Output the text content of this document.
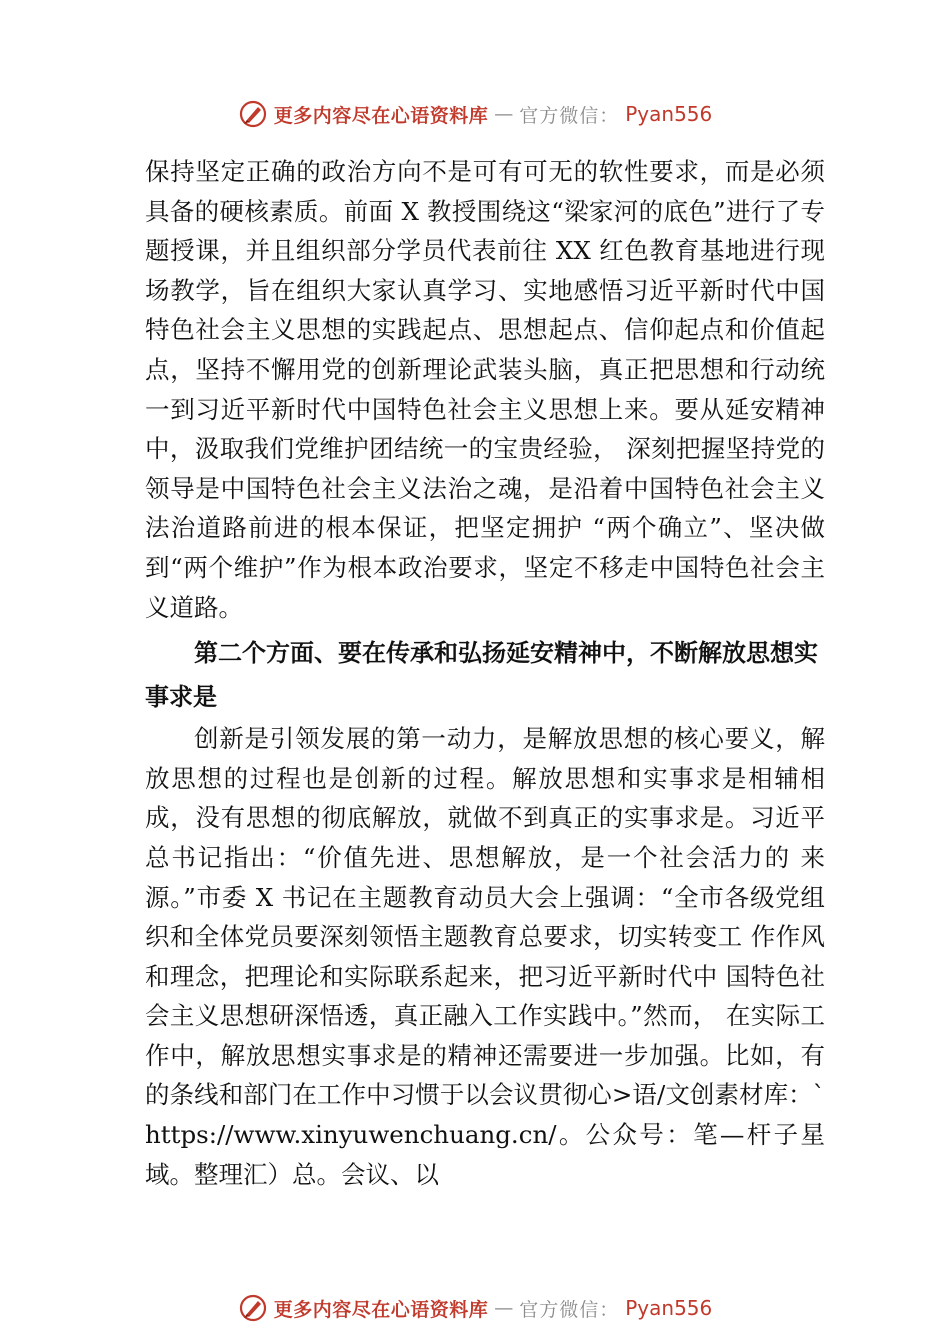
更多内容尽在心语资料库 — 官方微信： Pyan556

保持坚定正确的政治方向不是可有可无的软性要求，而是必须具备的硬核素质。前面 X 教授围绕这“梁家河的底色”进行了专题授课，并且组织部分学员代表前往 XX 红色教育基地进行现场教学，旨在组织大家认真学习、实地感悟习近平新时代中国特色社会主义思想的实践起点、思想起点、信仰起点和价值起点，坚持不懈用党的创新理论武装头脑，真正把思想和行动统一到习近平新时代中国特色社会主义思想上来。要从延安精神中，汲取我们党维护团结统一的宝贵经验， 深刻把握坚持党的领导是中国特色社会主义法治之魂，是沿着中国特色社会主义法治道路前进的根本保证，把坚定拥护 “两个确立”、坚决做到“两个维护”作为根本政治要求，坚定不移走中国特色社会主义道路。

第二个方面、要在传承和弘扬延安精神中，不断解放思想实事求是

创新是引领发展的第一动力，是解放思想的核心要义，解放思想的过程也是创新的过程。解放思想和实事求是相辅相成，没有思想的彻底解放，就做不到真正的实事求是。习近平总书记指出：“价值先进、思想解放，是一个社会活力的 来源。”市委 X 书记在主题教育动员大会上强调：“全市各级党组织和全体党员要深刻领悟主题教育总要求，切实转变工 作作风和理念，把理论和实际联系起来，把习近平新时代中 国特色社会主义思想研深悟透，真正融入工作实践中。”然而， 在实际工作中，解放思想实事求是的精神还需要进一步加强。比如，有的条线和部门在工作中习惯于以会议贯彻心>语/文创素材库：`https://www.xinyuwenchuang.cn/。公众号：笔—杆子星域。整理汇）总。会议、以

更多内容尽在心语资料库 — 官方微信： Pyan556
